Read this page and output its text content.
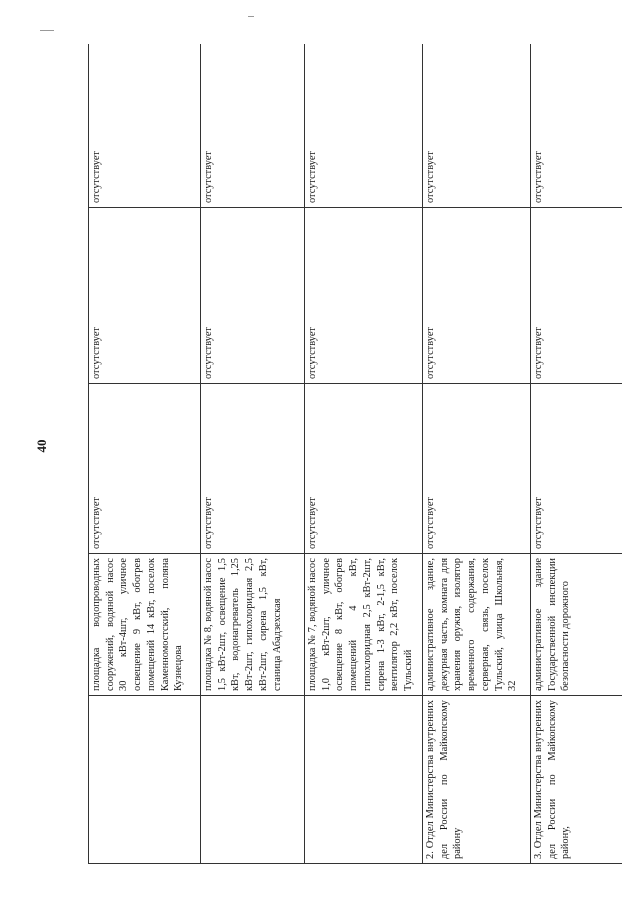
40
	площадка водопроводных сооружений, водяной насос 30 кВт-4шт, уличное освещение 9 кВт, обогрев помещений 14 кВт, поселок Каменномостский, поляна Кузнецова	отсутствует	отсутствует	отсутствует
	площадка № 8, водяной насос 1,5 кВт-2шт, освещение 1,5 кВт, водонагреватель 1,25 кВт-2шт, гипохлоридная 2,5 кВт-2шт, сирена 1,5 кВт, станица Абадзехская	отсутствует	отсутствует	отсутствует
	площадка № 7, водяной насос 1,0 кВт-2шт, уличное освещение 8 кВт, обогрев помещений 4 кВт, гипохлоридная 2,5 кВт-2шт, сирена 1-3 кВт, 2-1,5 кВт, вентилятор 2,2 кВт, поселок Тульский	отсутствует	отсутствует	отсутствует
2. Отдел Министерства внутренних дел России по Майкопскому району	административное здание, дежурная часть, комната для хранения оружия, изолятор временного содержания, серверная, связь, поселок Тульский, улица Школьная, 32	отсутствует	отсутствует	отсутствует
3. Отдел Министерства внутренних дел России по Майкопскому району,	административное здание Государственной инспекции безопасности дорожного	отсутствует	отсутствует	отсутствует
